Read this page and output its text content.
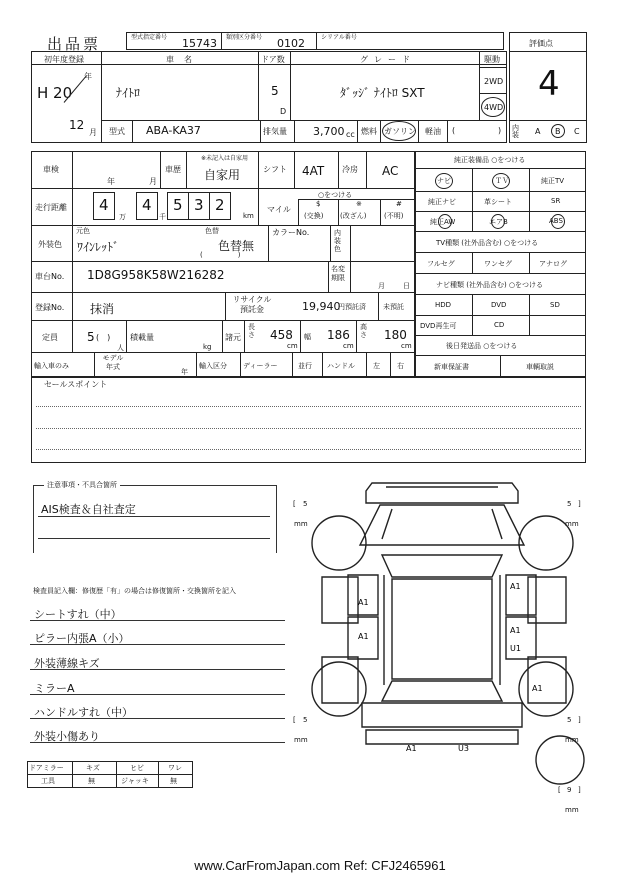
出品票	型式指定番号 15743 類別区分番号 0102	シリアル番号
初年度登録
H 20
年
12
月
車名
ﾅｲﾄﾛ
ドア数
5
D
グレード
ﾀﾞｯｼﾞ ﾅｲﾄﾛ SXT
駆動
2WD
4WD
型式 ABA-KA37	排気量 3,700 cc 燃料 ガソリン 軽油 (	)
評価点
4
内装 A B C
車検
年	月
車歴
※未記入は自家用
自家用	シフト 4AT 冷房 AC
走行距離 4
万
4
千
5 3 2
km
マイル
○をつける
$
(交換)
※
(改ざん)
#
(不明)
外装色
元色
ﾜｲﾝﾚｯﾄﾞ
色替
色替無
(　　　　　)
カラーNo.	内装色
車台No. 1D8G958K58W216282	名変期限
月	日
登録No. 抹消
リサイクル預託金	19,940
円預託済 未預託
定員 5 (　)
人
積載量
kg
諸元
長さ 458
cm
幅 186
cm
高さ 180
cm
輸入車のみ
モデル年式
年
輸入区分 ディーラー	並行 ハンドル	左 右
セールスポイント
純正装備品 ○をつける
ナビ	ＴＶ	純正TV
純正ナビ	革シート	SR
純正AW	エアB	ABS
TV種類 (社外品含む) ○をつける
フルセグ	ワンセグ	アナログ
ナビ種類 (社外品含む) ○をつける
HDD	DVD	SD
DVD再生可	CD
後日発送品 ○をつける
新車保証書	車輌取説
注意事項・不具合箇所
AIS検査＆自社査定
検査員記入欄：修復歴「有」の場合は修復箇所・交換箇所を記入
シートすれ（中）
ピラー内張A（小）
外装薄線キズ
ミラーA
ハンドルすれ（中）
外装小傷あり
ドアミラー	キズ	ヒビ	ワレ
工具	無	ジャッキ	無
A1
A1
A1
A1
U1
A1
A1	U3
[ 5
mm
5 ]
mm
[ 5
mm
5 ]
mm
[ 9 ]
mm
www.CarFromJapan.com Ref: CFJ2465961
